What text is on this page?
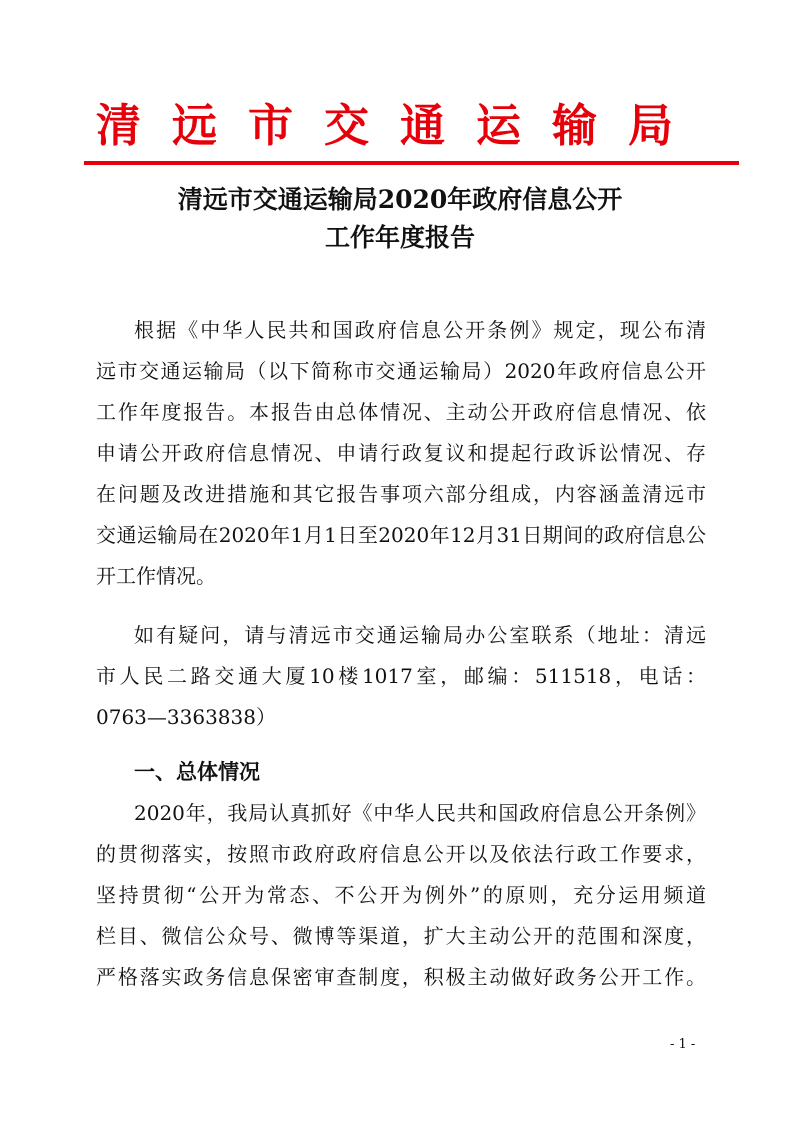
清远市交通运输局
清远市交通运输局2020年政府信息公开
工作年度报告
根据《中华人民共和国政府信息公开条例》规定，现公布清
远市交通运输局（以下简称市交通运输局）2020年政府信息公开
工作年度报告。本报告由总体情况、主动公开政府信息情况、依
申请公开政府信息情况、申请行政复议和提起行政诉讼情况、存
在问题及改进措施和其它报告事项六部分组成，内容涵盖清远市
交通运输局在2020年1月1日至2020年12月31日期间的政府信息公
开工作情况。
如有疑问，请与清远市交通运输局办公室联系（地址：清远
市人民二路交通大厦10楼1017室，邮编：511518，电话：
0763—3363838）
一、总体情况
2020年，我局认真抓好《中华人民共和国政府信息公开条例》
的贯彻落实，按照市政府政府信息公开以及依法行政工作要求，
坚持贯彻“公开为常态、不公开为例外”的原则，充分运用频道
栏目、微信公众号、微博等渠道，扩大主动公开的范围和深度，
严格落实政务信息保密审查制度，积极主动做好政务公开工作。
- 1 -
